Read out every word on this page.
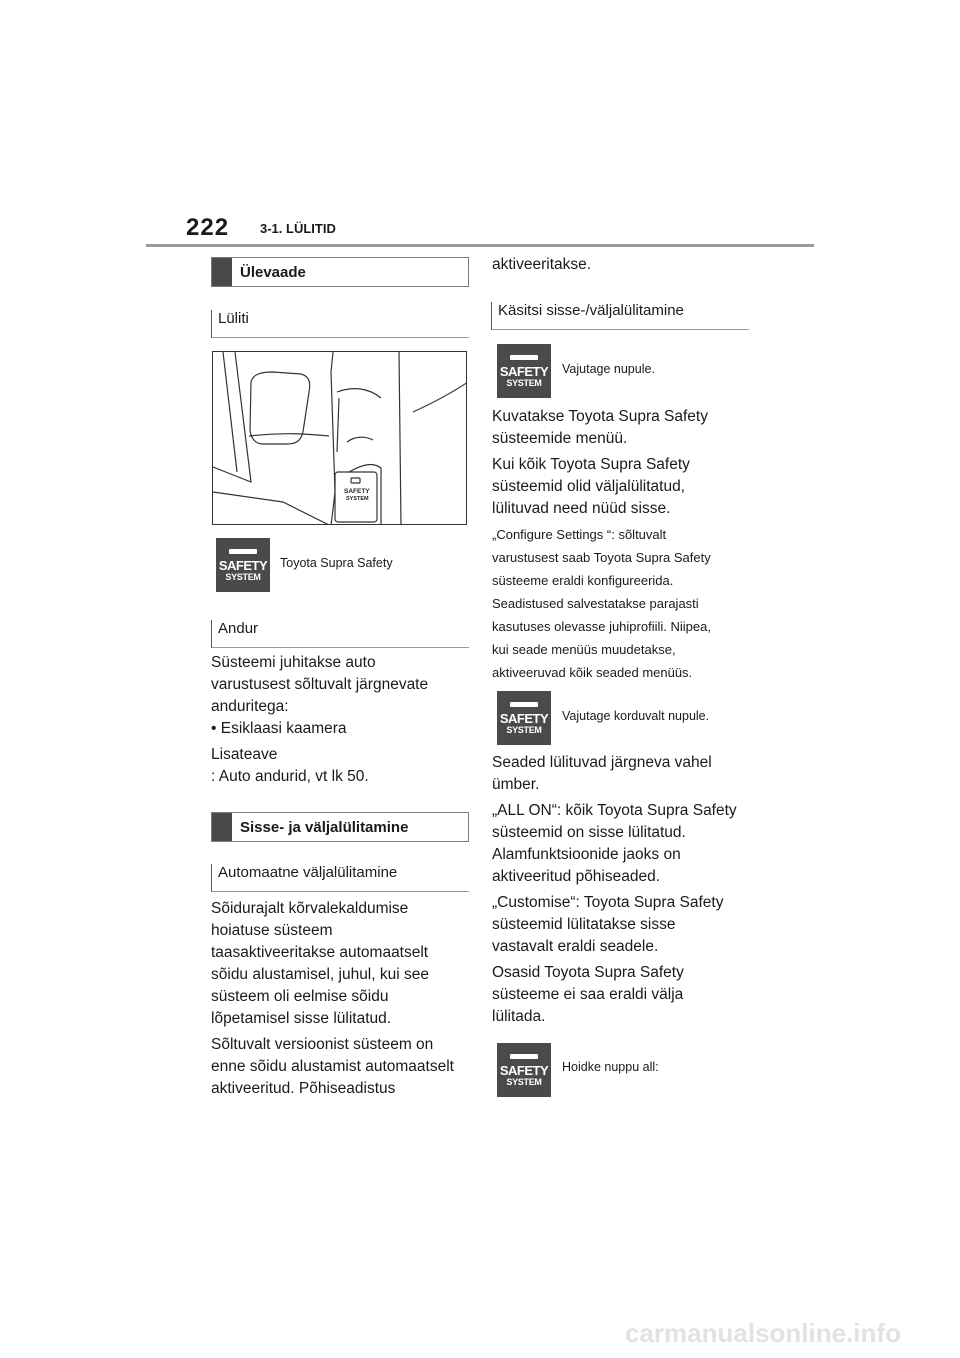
222 3-1. LÜLITID
Ülevaade
Lüliti
SAFETY
SYSTEM
SAFETY
SYSTEM
Toyota Supra Safety
Andur
Süsteemi juhitakse auto
varustusest sõltuvalt järgnevate
anduritega:
• Esiklaasi kaamera
Lisateave
: Auto andurid, vt lk 50.
Sisse- ja väljalülitamine
Automaatne väljalülitamine
Sõidurajalt kõrvalekaldumise
hoiatuse süsteem
taasaktiveeritakse automaatselt
sõidu alustamisel, juhul, kui see
süsteem oli eelmise sõidu
lõpetamisel sisse lülitatud.
Sõltuvalt versioonist süsteem on
enne sõidu alustamist automaatselt
aktiveeritud. Põhiseadistus
aktiveeritakse.
Käsitsi sisse-/väljalülitamine
SAFETY
SYSTEM
Vajutage nupule.
Kuvatakse Toyota Supra Safety
süsteemide menüü.
Kui kõik Toyota Supra Safety
süsteemid olid väljalülitatud,
lülituvad need nüüd sisse.
„Configure Settings “: sõltuvalt
varustusest saab Toyota Supra Safety
süsteeme eraldi konfigureerida.
Seadistused salvestatakse parajasti
kasutuses olevasse juhiprofiili. Niipea,
kui seade menüüs muudetakse,
aktiveeruvad kõik seaded menüüs.
SAFETY
SYSTEM
Vajutage korduvalt nupule.
Seaded lülituvad järgneva vahel
ümber.
„ALL ON“: kõik Toyota Supra Safety
süsteemid on sisse lülitatud.
Alamfunktsioonide jaoks on
aktiveeritud põhiseaded.
„Customise“: Toyota Supra Safety
süsteemid lülitatakse sisse
vastavalt eraldi seadele.
Osasid Toyota Supra Safety
süsteeme ei saa eraldi välja
lülitada.
SAFETY
SYSTEM
Hoidke nuppu all:
carmanualsonline.info
